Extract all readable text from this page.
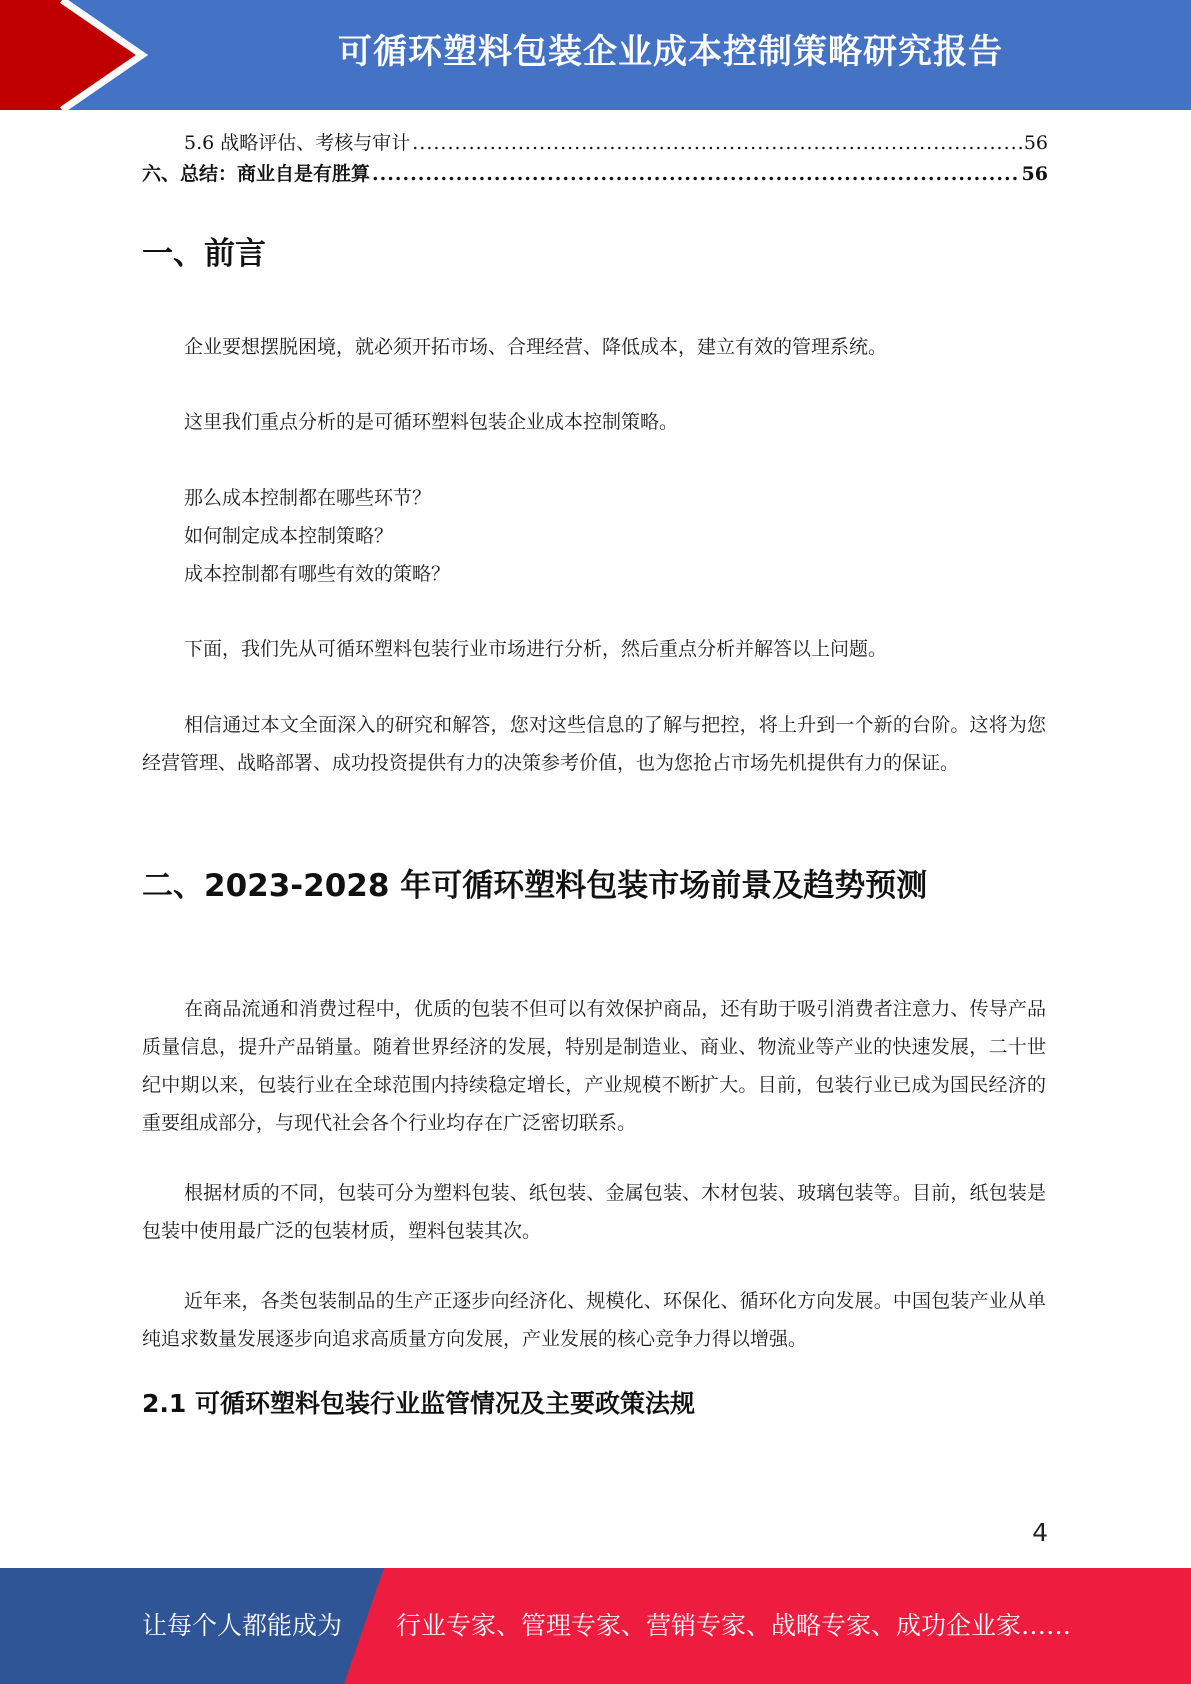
可循环塑料包装企业成本控制策略研究报告
5.6 战略评估、考核与审计 .....	56
六、总结：商业自是有胜算 .....	56
一、前言

企业要想摆脱困境，就必须开拓市场、合理经营、降低成本，建立有效的管理系统。

这里我们重点分析的是可循环塑料包装企业成本控制策略。

那么成本控制都在哪些环节？
如何制定成本控制策略？
成本控制都有哪些有效的策略？

下面，我们先从可循环塑料包装行业市场进行分析，然后重点分析并解答以上问题。

相信通过本文全面深入的研究和解答，您对这些信息的了解与把控，将上升到一个新的台阶。这将为您经营管理、战略部署、成功投资提供有力的决策参考价值，也为您抢占市场先机提供有力的保证。

二、2023-2028 年可循环塑料包装市场前景及趋势预测

在商品流通和消费过程中，优质的包装不但可以有效保护商品，还有助于吸引消费者注意力、传导产品质量信息，提升产品销量。随着世界经济的发展，特别是制造业、商业、物流业等产业的快速发展，二十世纪中期以来，包装行业在全球范围内持续稳定增长，产业规模不断扩大。目前，包装行业已成为国民经济的重要组成部分，与现代社会各个行业均存在广泛密切联系。

根据材质的不同，包装可分为塑料包装、纸包装、金属包装、木材包装、玻璃包装等。目前，纸包装是包装中使用最广泛的包装材质，塑料包装其次。

近年来，各类包装制品的生产正逐步向经济化、规模化、环保化、循环化方向发展。中国包装产业从单纯追求数量发展逐步向追求高质量方向发展，产业发展的核心竞争力得以增强。

2.1 可循环塑料包装行业监管情况及主要政策法规
4
让每个人都能成为 行业专家、管理专家、营销专家、战略专家、成功企业家……
